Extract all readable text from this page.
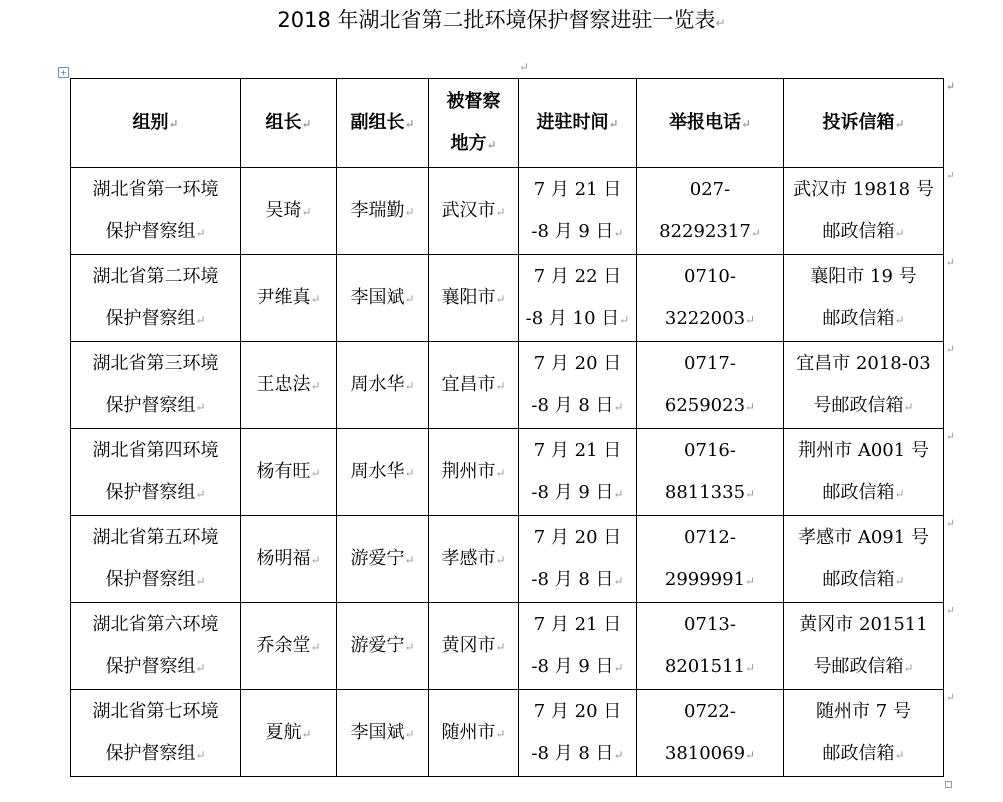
2018 年湖北省第二批环境保护督察进驻一览表↵
+	↵
组别↵	组长↵	副组长↵	被督察
地方↵	进驻时间↵	举报电话↵	投诉信箱↵
↵

湖北省第一环境
保护督察组↵	吴琦↵	李瑞勤↵	武汉市↵	7 月 21 日
-8 月 9 日↵	027-82292317↵	武汉市 19818 号
邮政信箱↵
↵

湖北省第二环境
保护督察组↵	尹维真↵	李国斌↵	襄阳市↵	7 月 22 日
-8 月 10 日↵	0710-3222003↵	襄阳市 19 号
邮政信箱↵
↵

湖北省第三环境
保护督察组↵	王忠法↵	周水华↵	宜昌市↵	7 月 20 日
-8 月 8 日↵	0717-6259023↵	宜昌市 2018-03
号邮政信箱↵
↵

湖北省第四环境
保护督察组↵	杨有旺↵	周水华↵	荆州市↵	7 月 21 日
-8 月 9 日↵	0716-8811335↵	荆州市 A001 号
邮政信箱↵
↵

湖北省第五环境
保护督察组↵	杨明福↵	游爱宁↵	孝感市↵	7 月 20 日
-8 月 8 日↵	0712-2999991↵	孝感市 A091 号
邮政信箱↵
↵

湖北省第六环境
保护督察组↵	乔余堂↵	游爱宁↵	黄冈市↵	7 月 21 日
-8 月 9 日↵	0713-8201511↵	黄冈市 201511
号邮政信箱↵
↵

湖北省第七环境
保护督察组↵	夏航↵	李国斌↵	随州市↵	7 月 20 日
-8 月 8 日↵	0722-3810069↵	随州市 7 号
邮政信箱↵
↵
